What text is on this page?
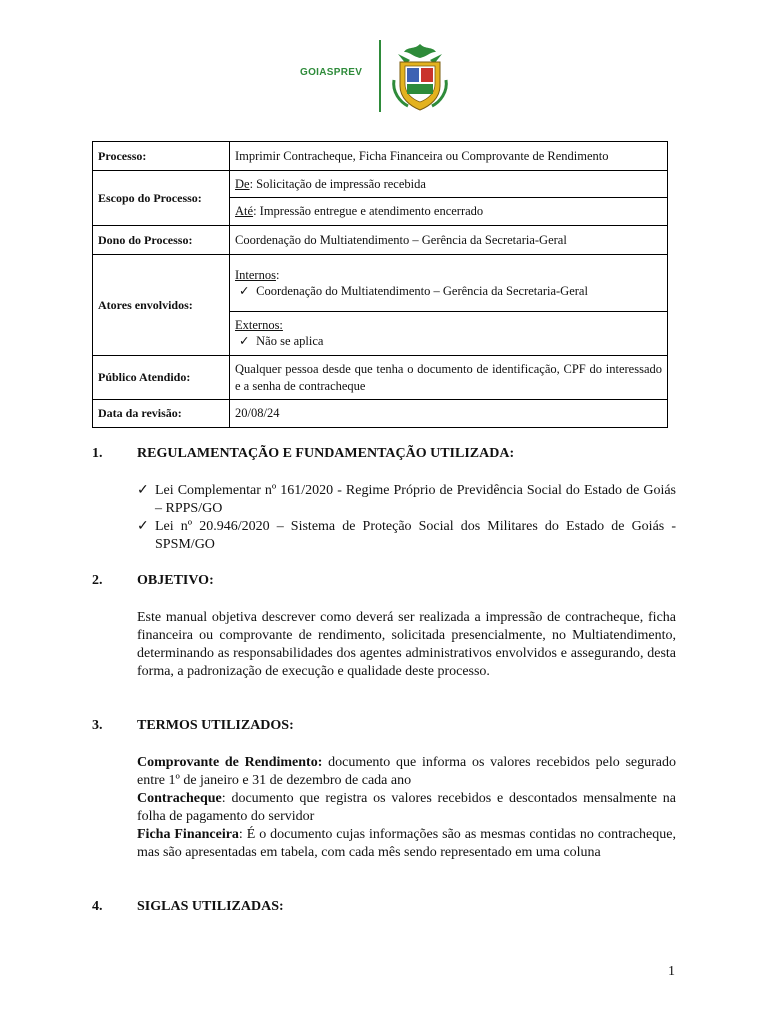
GOIASPREV
Processo:	Imprimir Contracheque, Ficha Financeira ou Comprovante de Rendimento
Escopo do Processo:	De: Solicitação de impressão recebida
	Até: Impressão entregue e atendimento encerrado
Dono do Processo:	Coordenação do Multiatendimento – Gerência da Secretaria-Geral
Atores envolvidos:	Internos:
✓ Coordenação do Multiatendimento – Gerência da Secretaria-Geral

	Externos:
✓ Não se aplica

Público Atendido:	Qualquer pessoa desde que tenha o documento de identificação, CPF do interessado e a senha de contracheque
Data da revisão:	20/08/24
1. REGULAMENTAÇÃO E FUNDAMENTAÇÃO UTILIZADA:
✓ Lei Complementar nº 161/2020 - Regime Próprio de Previdência Social do Estado de Goiás – RPPS/GO
✓ Lei nº 20.946/2020 – Sistema de Proteção Social dos Militares do Estado de Goiás - SPSM/GO
2. OBJETIVO:
Este manual objetiva descrever como deverá ser realizada a impressão de contracheque, ficha financeira ou comprovante de rendimento, solicitada presencialmente, no Multiatendimento, determinando as responsabilidades dos agentes administrativos envolvidos e assegurando, desta forma, a padronização de execução e qualidade deste processo.
3. TERMOS UTILIZADOS:
Comprovante de Rendimento: documento que informa os valores recebidos pelo segurado entre 1º de janeiro e 31 de dezembro de cada ano
Contracheque: documento que registra os valores recebidos e descontados mensalmente na folha de pagamento do servidor
Ficha Financeira: É o documento cujas informações são as mesmas contidas no contracheque, mas são apresentadas em tabela, com cada mês sendo representado em uma coluna
4. SIGLAS UTILIZADAS:
1
